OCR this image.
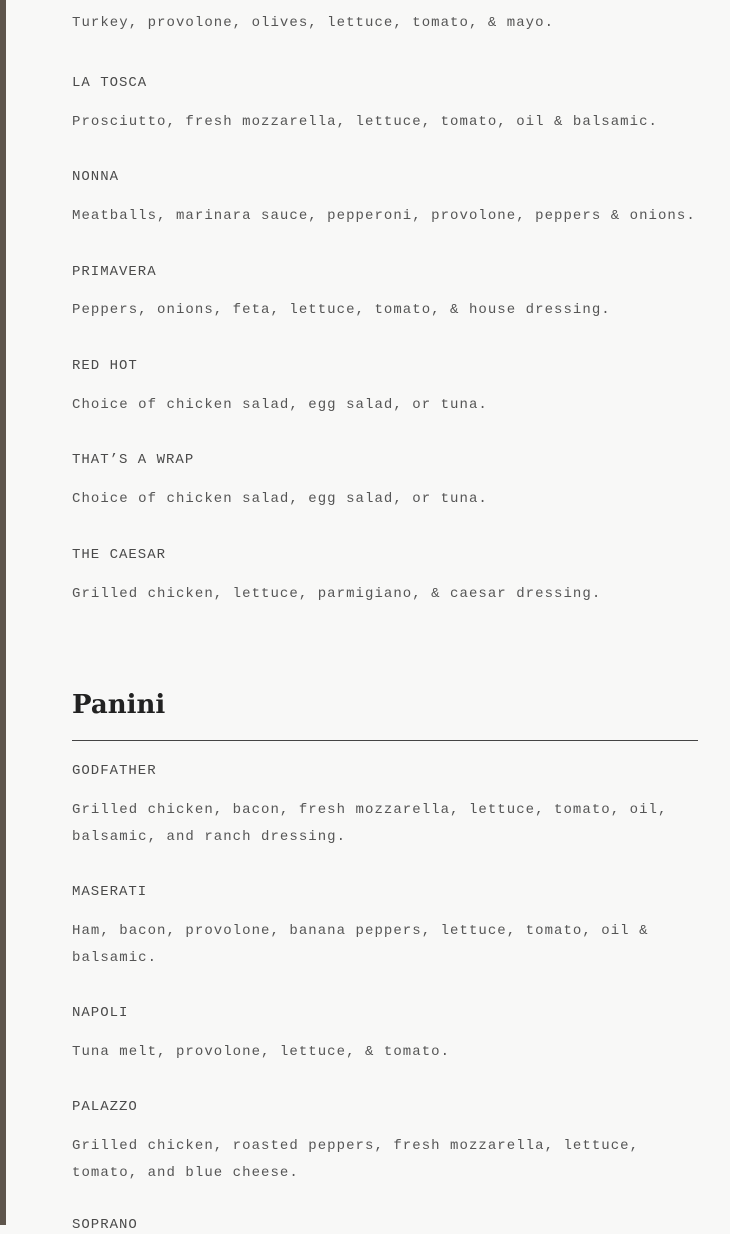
Turkey, provolone, olives, lettuce, tomato, & mayo.

LA TOSCA

Prosciutto, fresh mozzarella, lettuce, tomato, oil & balsamic.

NONNA

Meatballs, marinara sauce, pepperoni, provolone, peppers & onions.

PRIMAVERA

Peppers, onions, feta, lettuce, tomato, & house dressing.

RED HOT

Choice of chicken salad, egg salad, or tuna.

THAT’S A WRAP

Choice of chicken salad, egg salad, or tuna.

THE CAESAR

Grilled chicken, lettuce, parmigiano, & caesar dressing.

Panini

GODFATHER

Grilled chicken, bacon, fresh mozzarella, lettuce, tomato, oil, balsamic, and ranch dressing.

MASERATI

Ham, bacon, provolone, banana peppers, lettuce, tomato, oil & balsamic.

NAPOLI

Tuna melt, provolone, lettuce, & tomato.

PALAZZO

Grilled chicken, roasted peppers, fresh mozzarella, lettuce, tomato, and blue cheese.

SOPRANO
